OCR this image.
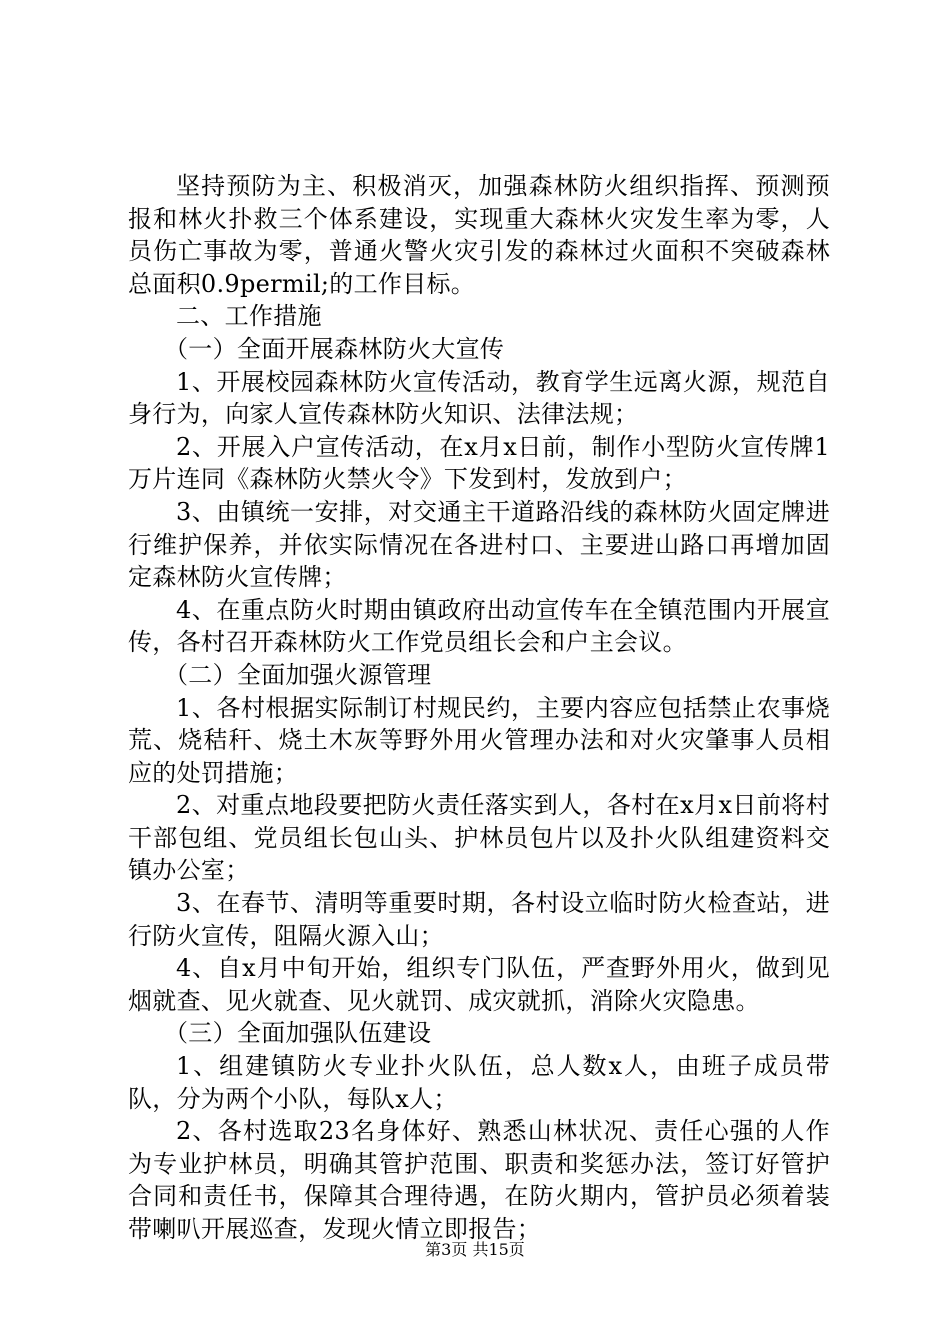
坚持预防为主、积极消灭，加强森林防火组织指挥、预测预报和林火扑救三个体系建设，实现重大森林火灾发生率为零，人员伤亡事故为零，普通火警火灾引发的森林过火面积不突破森林总面积0.9permil;的工作目标。

二、工作措施

（一）全面开展森林防火大宣传

1、开展校园森林防火宣传活动，教育学生远离火源，规范自身行为，向家人宣传森林防火知识、法律法规；

2、开展入户宣传活动，在x月x日前，制作小型防火宣传牌1万片连同《森林防火禁火令》下发到村，发放到户；

3、由镇统一安排，对交通主干道路沿线的森林防火固定牌进行维护保养，并依实际情况在各进村口、主要进山路口再增加固定森林防火宣传牌；

4、在重点防火时期由镇政府出动宣传车在全镇范围内开展宣传，各村召开森林防火工作党员组长会和户主会议。

（二）全面加强火源管理

1、各村根据实际制订村规民约，主要内容应包括禁止农事烧荒、烧秸秆、烧土木灰等野外用火管理办法和对火灾肇事人员相应的处罚措施；

2、对重点地段要把防火责任落实到人，各村在x月x日前将村干部包组、党员组长包山头、护林员包片以及扑火队组建资料交镇办公室；

3、在春节、清明等重要时期，各村设立临时防火检查站，进行防火宣传，阻隔火源入山；

4、自x月中旬开始，组织专门队伍，严查野外用火，做到见烟就查、见火就查、见火就罚、成灾就抓，消除火灾隐患。

（三）全面加强队伍建设

1、组建镇防火专业扑火队伍，总人数x人，由班子成员带队，分为两个小队，每队x人；

2、各村选取23名身体好、熟悉山林状况、责任心强的人作为专业护林员，明确其管护范围、职责和奖惩办法，签订好管护合同和责任书，保障其合理待遇，在防火期内，管护员必须着装带喇叭开展巡查，发现火情立即报告；

第3页 共15页
